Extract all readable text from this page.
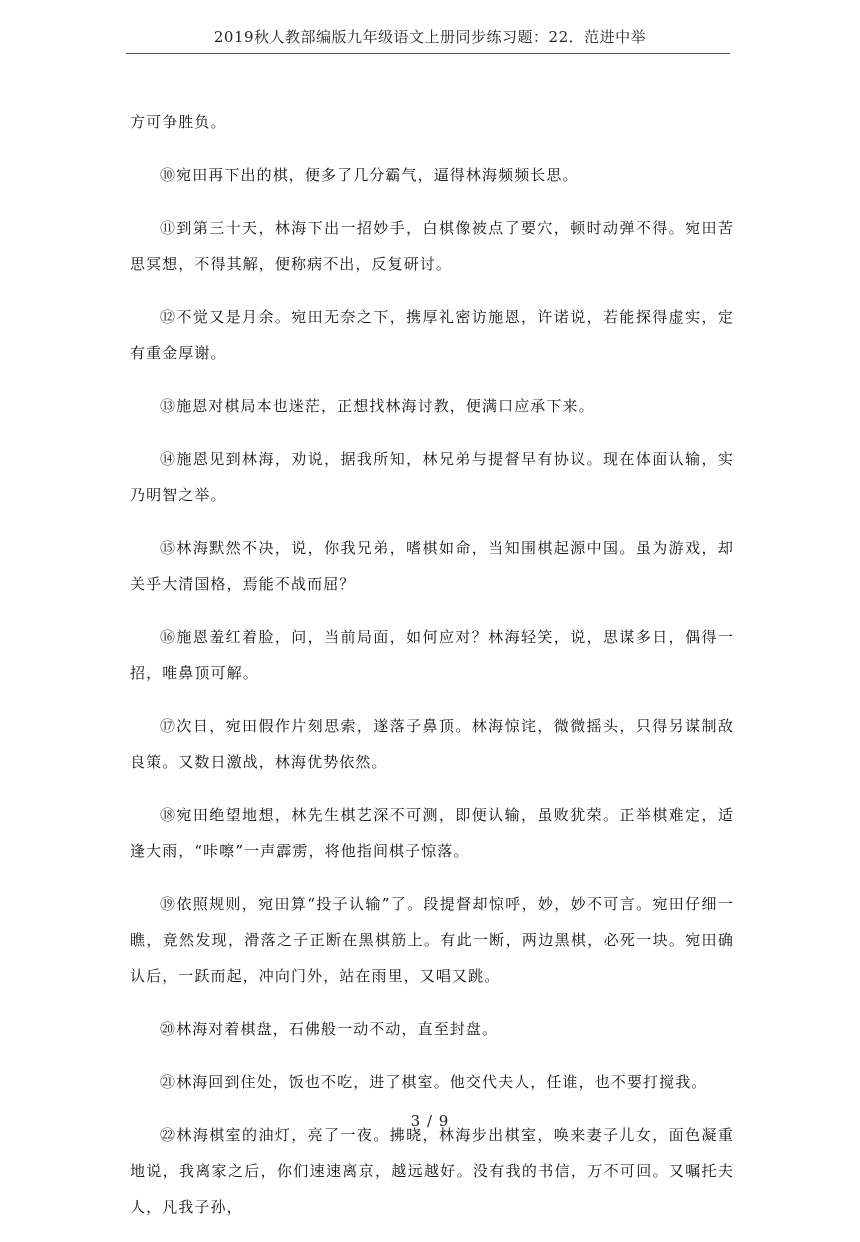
2019秋人教部编版九年级语文上册同步练习题：22．范进中举

方可争胜负。

⑩宛田再下出的棋，便多了几分霸气，逼得林海频频长思。

⑪到第三十天，林海下出一招妙手，白棋像被点了要穴，顿时动弹不得。宛田苦思冥想，不得其解，便称病不出，反复研讨。

⑫不觉又是月余。宛田无奈之下，携厚礼密访施恩，许诺说，若能探得虚实，定有重金厚谢。

⑬施恩对棋局本也迷茫，正想找林海讨教，便满口应承下来。

⑭施恩见到林海，劝说，据我所知，林兄弟与提督早有协议。现在体面认输，实乃明智之举。

⑮林海默然不决，说，你我兄弟，嗜棋如命，当知围棋起源中国。虽为游戏，却关乎大清国格，焉能不战而屈？

⑯施恩羞红着脸，问，当前局面，如何应对？林海轻笑，说，思谋多日，偶得一招，唯鼻顶可解。

⑰次日，宛田假作片刻思索，遂落子鼻顶。林海惊诧，微微摇头，只得另谋制敌良策。又数日激战，林海优势依然。

⑱宛田绝望地想，林先生棋艺深不可测，即便认输，虽败犹荣。正举棋难定，适逢大雨，“咔嚓”一声霹雳，将他指间棋子惊落。

⑲依照规则，宛田算“投子认输”了。段提督却惊呼，妙，妙不可言。宛田仔细一瞧，竟然发现，滑落之子正断在黑棋筋上。有此一断，两边黑棋，必死一块。宛田确认后，一跃而起，冲向门外，站在雨里，又唱又跳。

⑳林海对着棋盘，石佛般一动不动，直至封盘。

㉑林海回到住处，饭也不吃，进了棋室。他交代夫人，任谁，也不要打搅我。

㉒林海棋室的油灯，亮了一夜。拂晓，林海步出棋室，唤来妻子儿女，面色凝重地说，我离家之后，你们速速离京，越远越好。没有我的书信，万不可回。又嘱托夫人，凡我子孙，

3 / 9
